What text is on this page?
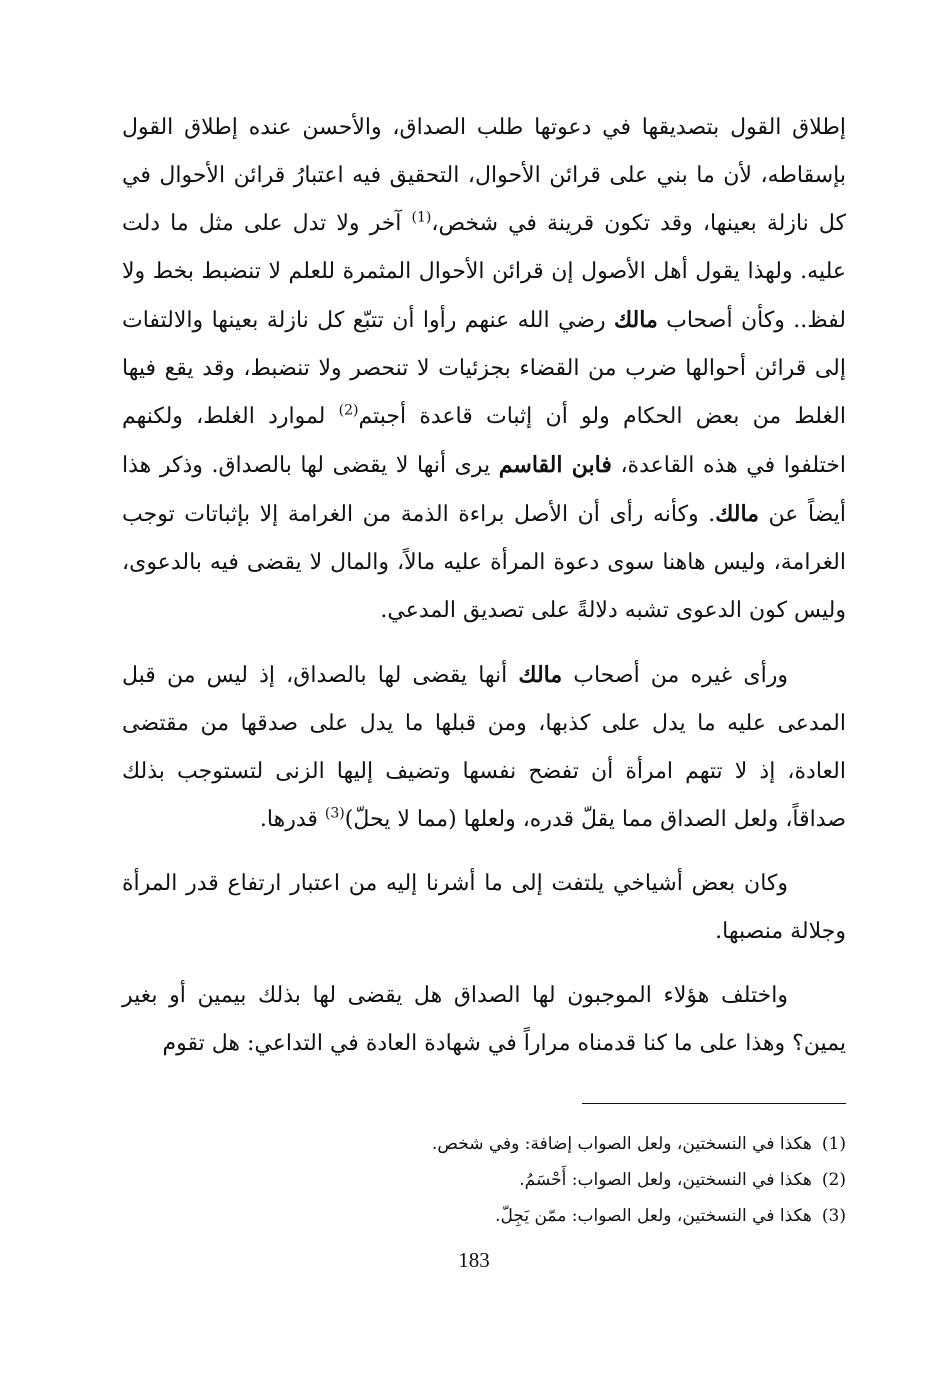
إطلاق القول بتصديقها في دعوتها طلب الصداق، والأحسن عنده إطلاق القول بإسقاطه، لأن ما بني على قرائن الأحوال، التحقيق فيه اعتبارُ قرائن الأحوال في كل نازلة بعينها، وقد تكون قرينة في شخص،$^{(1)}$ آخر ولا تدل على مثل ما دلت عليه. ولهذا يقول أهل الأصول إن قرائن الأحوال المثمرة للعلم لا تنضبط بخط ولا لفظ.. وكأن أصحاب مالك رضي الله عنهم رأوا أن تتبّع كل نازلة بعينها والالتفات إلى قرائن أحوالها ضرب من القضاء بجزئيات لا تنحصر ولا تنضبط، وقد يقع فيها الغلط من بعض الحكام ولو أن إثبات قاعدة أجبتم$^{(2)}$ لموارد الغلط، ولكنهم اختلفوا في هذه القاعدة، فابن القاسم يرى أنها لا يقضى لها بالصداق. وذكر هذا أيضاً عن مالك. وكأنه رأى أن الأصل براءة الذمة من الغرامة إلا بإثباتات توجب الغرامة، وليس هاهنا سوى دعوة المرأة عليه مالاً، والمال لا يقضى فيه بالدعوى، وليس كون الدعوى تشبه دلالةً على تصديق المدعي.

ورأى غيره من أصحاب مالك أنها يقضى لها بالصداق، إذ ليس من قبل المدعى عليه ما يدل على كذبها، ومن قبلها ما يدل على صدقها من مقتضى العادة، إذ لا تتهم امرأة أن تفضح نفسها وتضيف إليها الزنى لتستوجب بذلك صداقاً، ولعل الصداق مما يقلّ قدره، ولعلها (مما لا يحلّ)$^{(3)}$ قدرها.

وكان بعض أشياخي يلتفت إلى ما أشرنا إليه من اعتبار ارتفاع قدر المرأة وجلالة منصبها.

واختلف هؤلاء الموجبون لها الصداق هل يقضى لها بذلك بيمين أو بغير يمين؟ وهذا على ما كنا قدمناه مراراً في شهادة العادة في التداعي: هل تقوم

(1)هكذا في النسختين، ولعل الصواب إضافة: وفي شخص.
(2)هكذا في النسختين، ولعل الصواب: أَحْسَمُ.
(3)هكذا في النسختين، ولعل الصواب: ممّن يَجِلّ.
183
